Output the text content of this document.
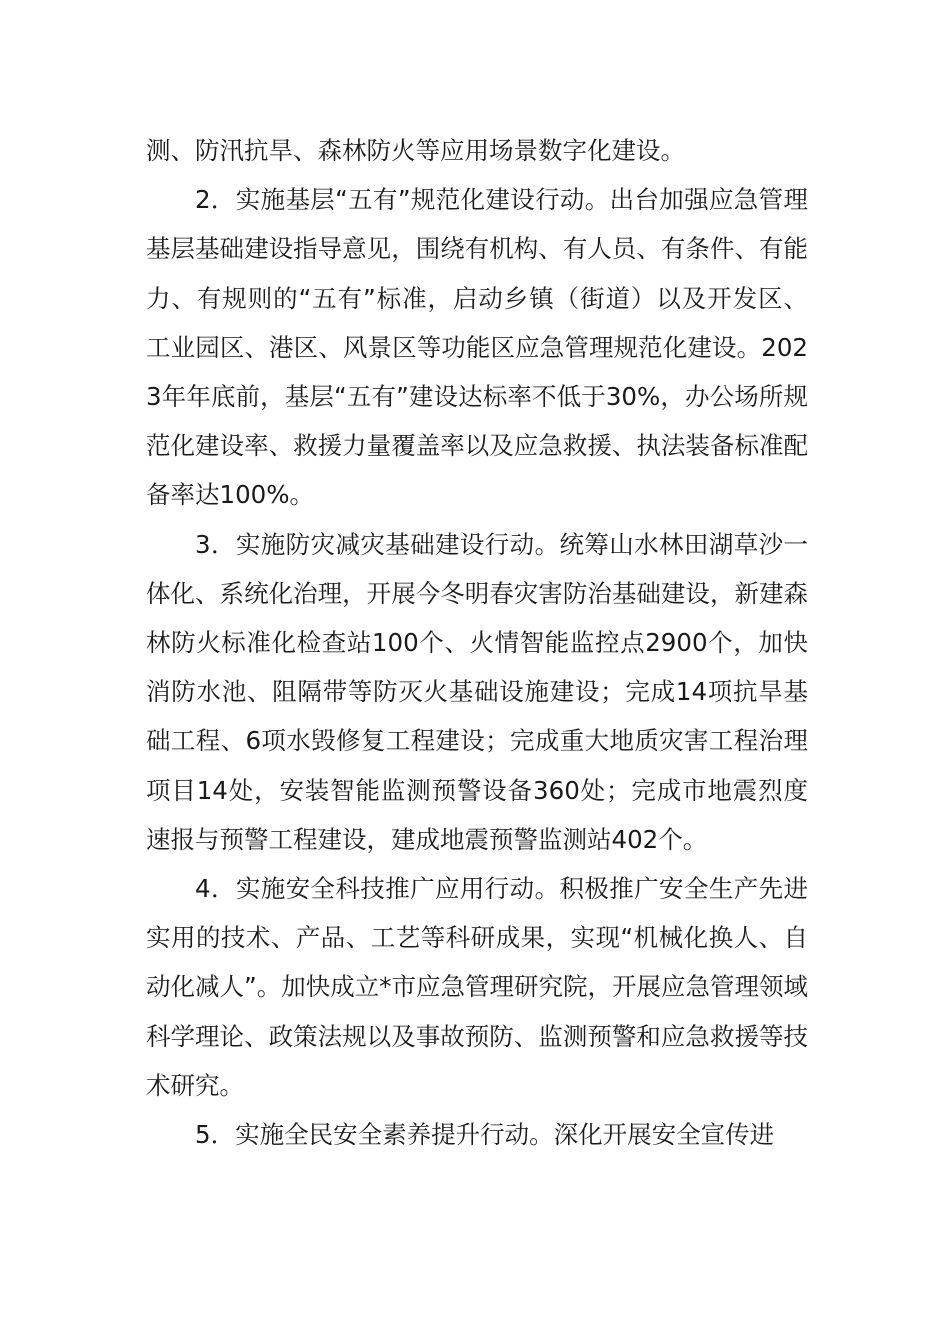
测、防汛抗旱、森林防火等应用场景数字化建设。

2．实施基层“五有”规范化建设行动。出台加强应急管理基层基础建设指导意见，围绕有机构、有人员、有条件、有能力、有规则的“五有”标准，启动乡镇（街道）以及开发区、工业园区、港区、风景区等功能区应急管理规范化建设。2023年年底前，基层“五有”建设达标率不低于30%，办公场所规范化建设率、救援力量覆盖率以及应急救援、执法装备标准配备率达100%。

3．实施防灾减灾基础建设行动。统筹山水林田湖草沙一体化、系统化治理，开展今冬明春灾害防治基础建设，新建森林防火标准化检查站100个、火情智能监控点2900个，加快消防水池、阻隔带等防灭火基础设施建设；完成14项抗旱基础工程、6项水毁修复工程建设；完成重大地质灾害工程治理项目14处，安装智能监测预警设备360处；完成市地震烈度速报与预警工程建设，建成地震预警监测站402个。

4．实施安全科技推广应用行动。积极推广安全生产先进实用的技术、产品、工艺等科研成果，实现“机械化换人、自动化减人”。加快成立*市应急管理研究院，开展应急管理领域科学理论、政策法规以及事故预防、监测预警和应急救援等技术研究。

5．实施全民安全素养提升行动。深化开展安全宣传进
